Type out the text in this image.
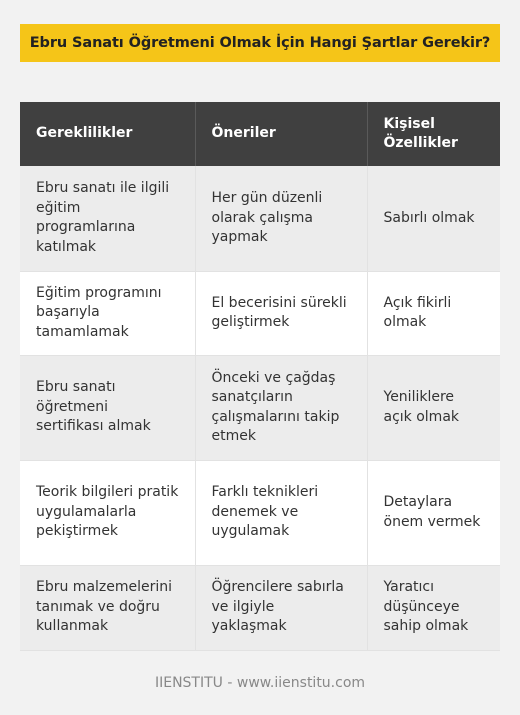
Ebru Sanatı Öğretmeni Olmak İçin Hangi Şartlar Gerekir?
Gereklilikler	Öneriler	Kişisel Özellikler
Ebru sanatı ile ilgili eğitim programlarına katılmak	Her gün düzenli olarak çalışma yapmak	Sabırlı olmak
Eğitim programını başarıyla tamamlamak	El becerisini sürekli geliştirmek	Açık fikirli olmak
Ebru sanatı öğretmeni sertifikası almak	Önceki ve çağdaş sanatçıların çalışmalarını takip etmek	Yeniliklere açık olmak
Teorik bilgileri pratik uygulamalarla pekiştirmek	Farklı teknikleri denemek ve uygulamak	Detaylara önem vermek
Ebru malzemelerini tanımak ve doğru kullanmak	Öğrencilere sabırla ve ilgiyle yaklaşmak	Yaratıcı düşünceye sahip olmak
IIENSTITU - www.iienstitu.com
